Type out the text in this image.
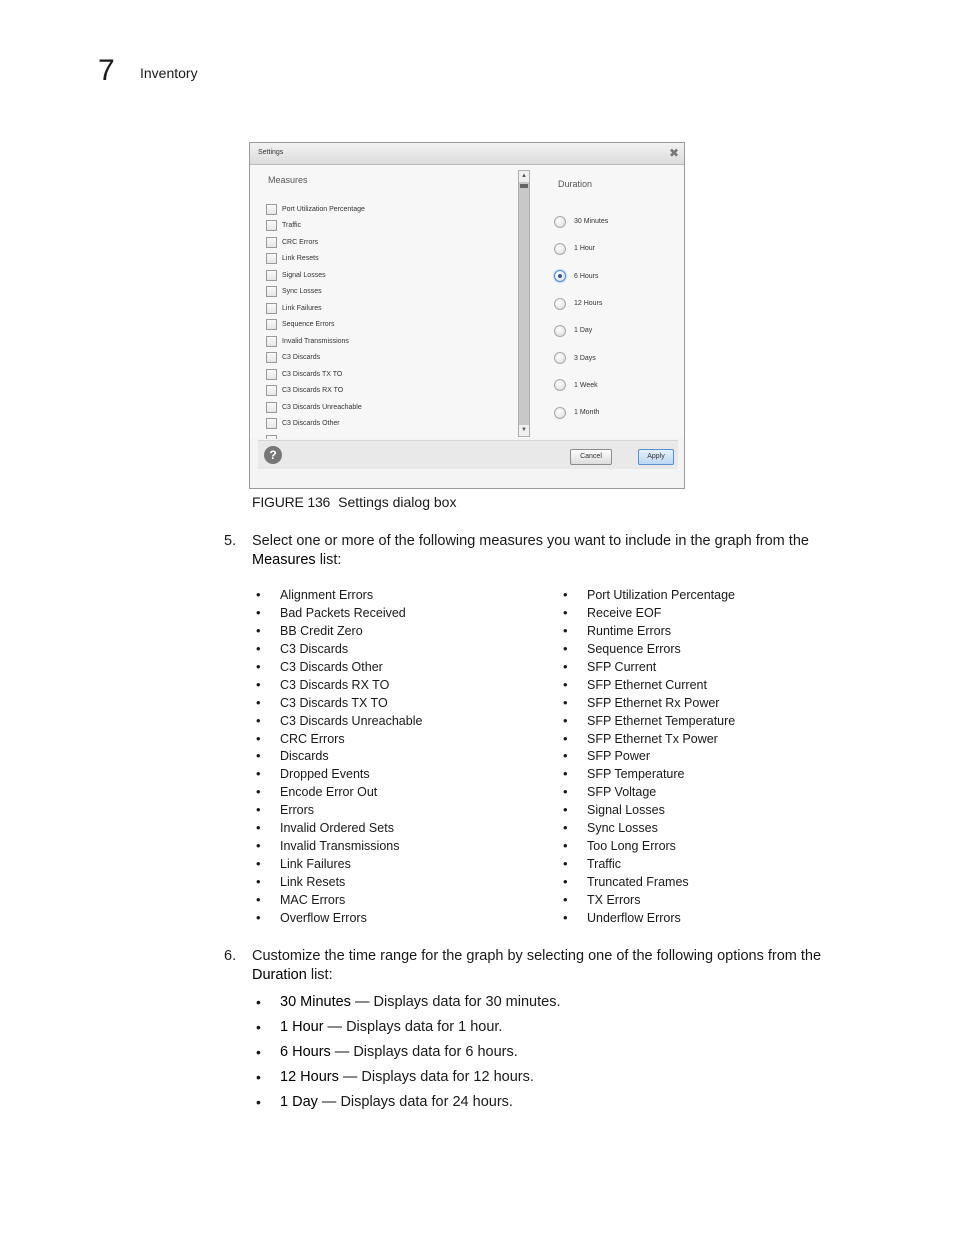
7 Inventory
Settings	✖
Measures
Port Utilization Percentage
Traffic
CRC Errors
Link Resets
Signal Losses
Sync Losses
Link Failures
Sequence Errors
Invalid Transmissions
C3 Discards
C3 Discards TX TO
C3 Discards RX TO
C3 Discards Unreachable
C3 Discards Other
▲
▼
Duration
30 Minutes
1 Hour
6 Hours
12 Hours
1 Day
3 Days
1 Week
1 Month
?	Cancel	Apply
FIGURE 136 Settings dialog box
5. Select one or more of the following measures you want to include in the graph from the Measures list:
• Alignment Errors
• Bad Packets Received
• BB Credit Zero
• C3 Discards
• C3 Discards Other
• C3 Discards RX TO
• C3 Discards TX TO
• C3 Discards Unreachable
• CRC Errors
• Discards
• Dropped Events
• Encode Error Out
• Errors
• Invalid Ordered Sets
• Invalid Transmissions
• Link Failures
• Link Resets
• MAC Errors
• Overflow Errors
• Port Utilization Percentage
• Receive EOF
• Runtime Errors
• Sequence Errors
• SFP Current
• SFP Ethernet Current
• SFP Ethernet Rx Power
• SFP Ethernet Temperature
• SFP Ethernet Tx Power
• SFP Power
• SFP Temperature
• SFP Voltage
• Signal Losses
• Sync Losses
• Too Long Errors
• Traffic
• Truncated Frames
• TX Errors
• Underflow Errors
6. Customize the time range for the graph by selecting one of the following options from the Duration list:
• 30 Minutes — Displays data for 30 minutes.
• 1 Hour — Displays data for 1 hour.
• 6 Hours — Displays data for 6 hours.
• 12 Hours — Displays data for 12 hours.
• 1 Day — Displays data for 24 hours.
